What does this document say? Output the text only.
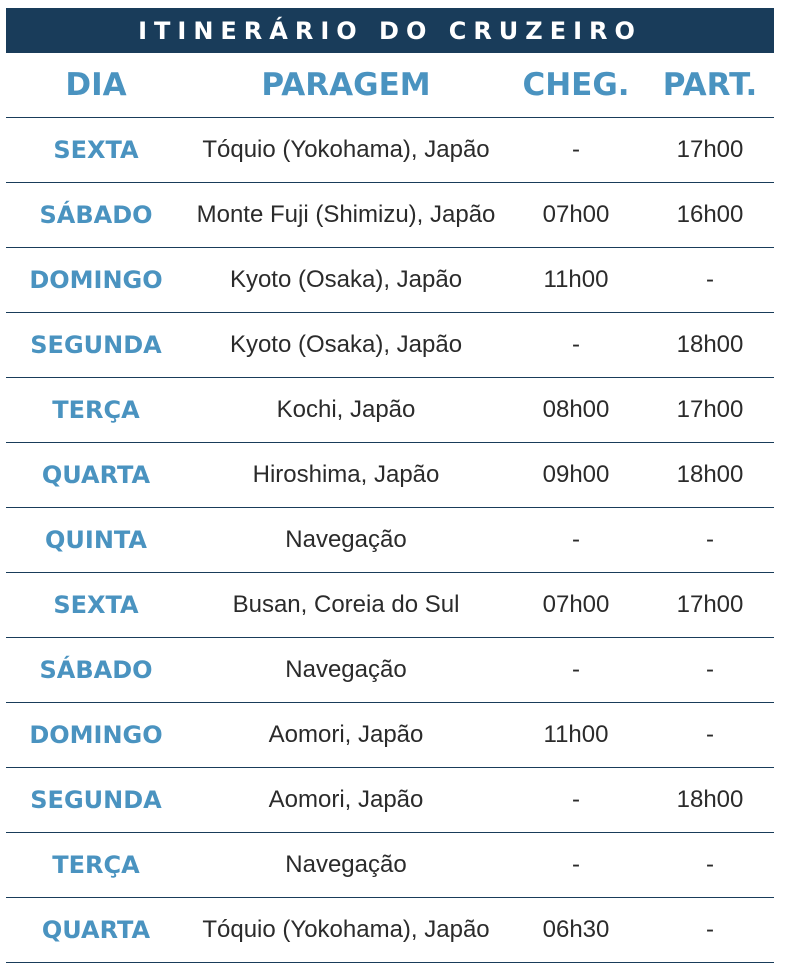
ITINERÁRIO DO CRUZEIRO
DIA	PARAGEM	CHEG.	PART.
SEXTA	Tóquio (Yokohama), Japão	-	17h00
SÁBADO	Monte Fuji (Shimizu), Japão	07h00	16h00
DOMINGO	Kyoto (Osaka), Japão	11h00	-
SEGUNDA	Kyoto (Osaka), Japão	-	18h00
TERÇA	Kochi, Japão	08h00	17h00
QUARTA	Hiroshima, Japão	09h00	18h00
QUINTA	Navegação	-	-
SEXTA	Busan, Coreia do Sul	07h00	17h00
SÁBADO	Navegação	-	-
DOMINGO	Aomori, Japão	11h00	-
SEGUNDA	Aomori, Japão	-	18h00
TERÇA	Navegação	-	-
QUARTA	Tóquio (Yokohama), Japão	06h30	-
